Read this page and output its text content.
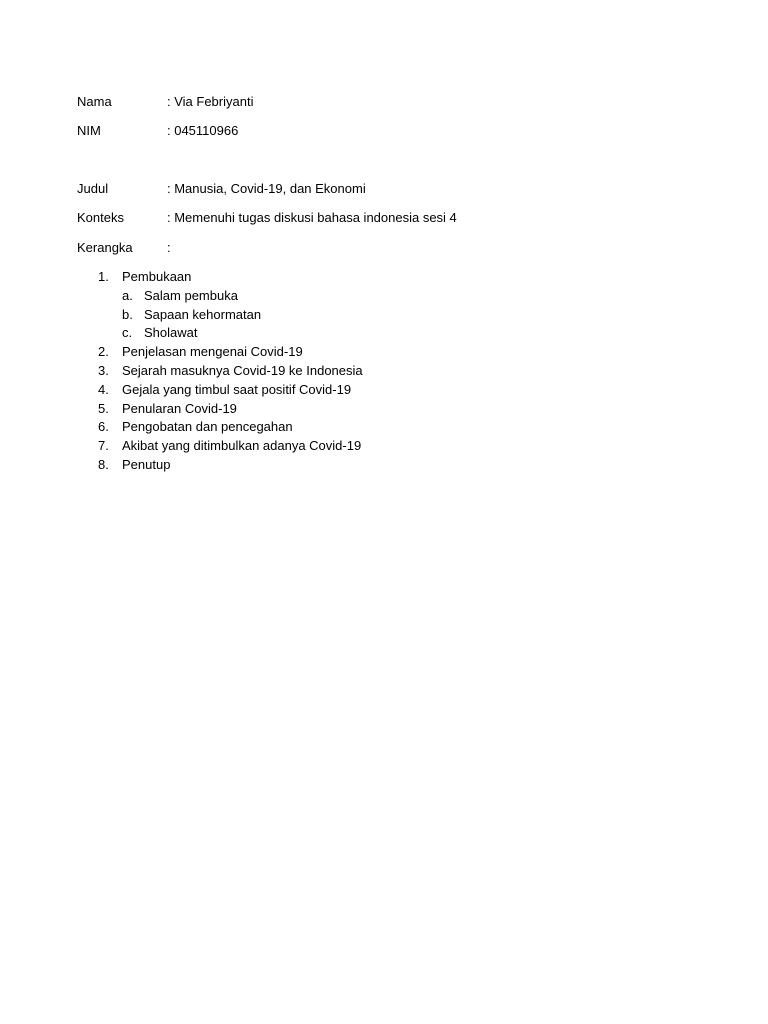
Nama	: Via Febriyanti
NIM	: 045110966
Judul	: Manusia, Covid-19, dan Ekonomi
Konteks	: Memenuhi tugas diskusi bahasa indonesia sesi 4
Kerangka	:
1.	Pembukaan
a. Salam pembuka
b. Sapaan kehormatan
c. Sholawat
2.	Penjelasan mengenai Covid-19
3.	Sejarah masuknya Covid-19 ke Indonesia
4.	Gejala yang timbul saat positif Covid-19
5.	Penularan Covid-19
6.	Pengobatan dan pencegahan
7.	Akibat yang ditimbulkan adanya Covid-19
8.	Penutup
